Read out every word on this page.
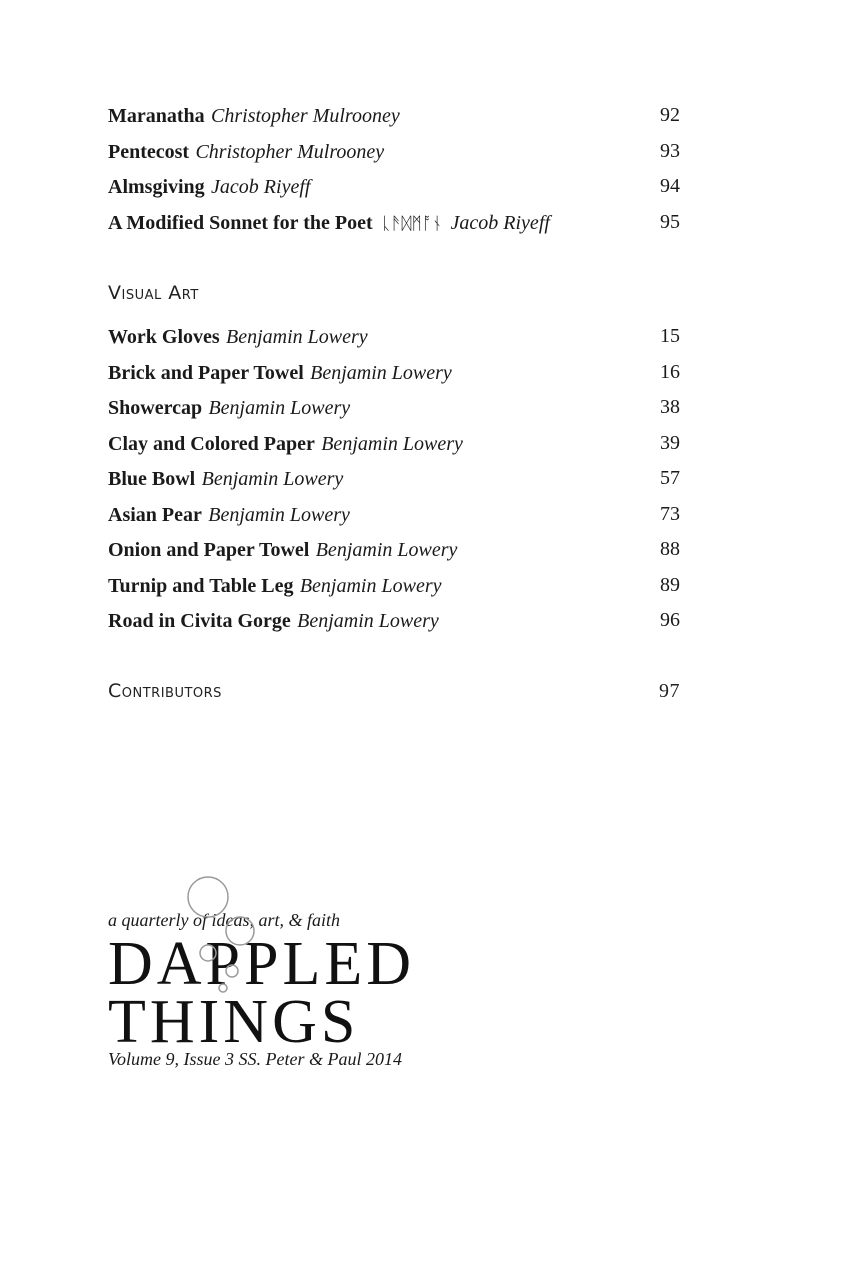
Maranatha Christopher Mulrooney	92
Pentecost Christopher Mulrooney	93
Almsgiving Jacob Riyeff	94
A Modified Sonnet for the Poet ᚳᚫᛞᛗᚩᚾ Jacob Riyeff	95
Visual Art
Work Gloves Benjamin Lowery	15
Brick and Paper Towel Benjamin Lowery	16
Showercap Benjamin Lowery	38
Clay and Colored Paper Benjamin Lowery	39
Blue Bowl Benjamin Lowery	57
Asian Pear Benjamin Lowery	73
Onion and Paper Towel Benjamin Lowery	88
Turnip and Table Leg Benjamin Lowery	89
Road in Civita Gorge Benjamin Lowery	96
Contributors	97
a quarterly of ideas, art, & faith
DAPPLED
THINGS
Volume 9, Issue 3 SS. Peter & Paul 2014
